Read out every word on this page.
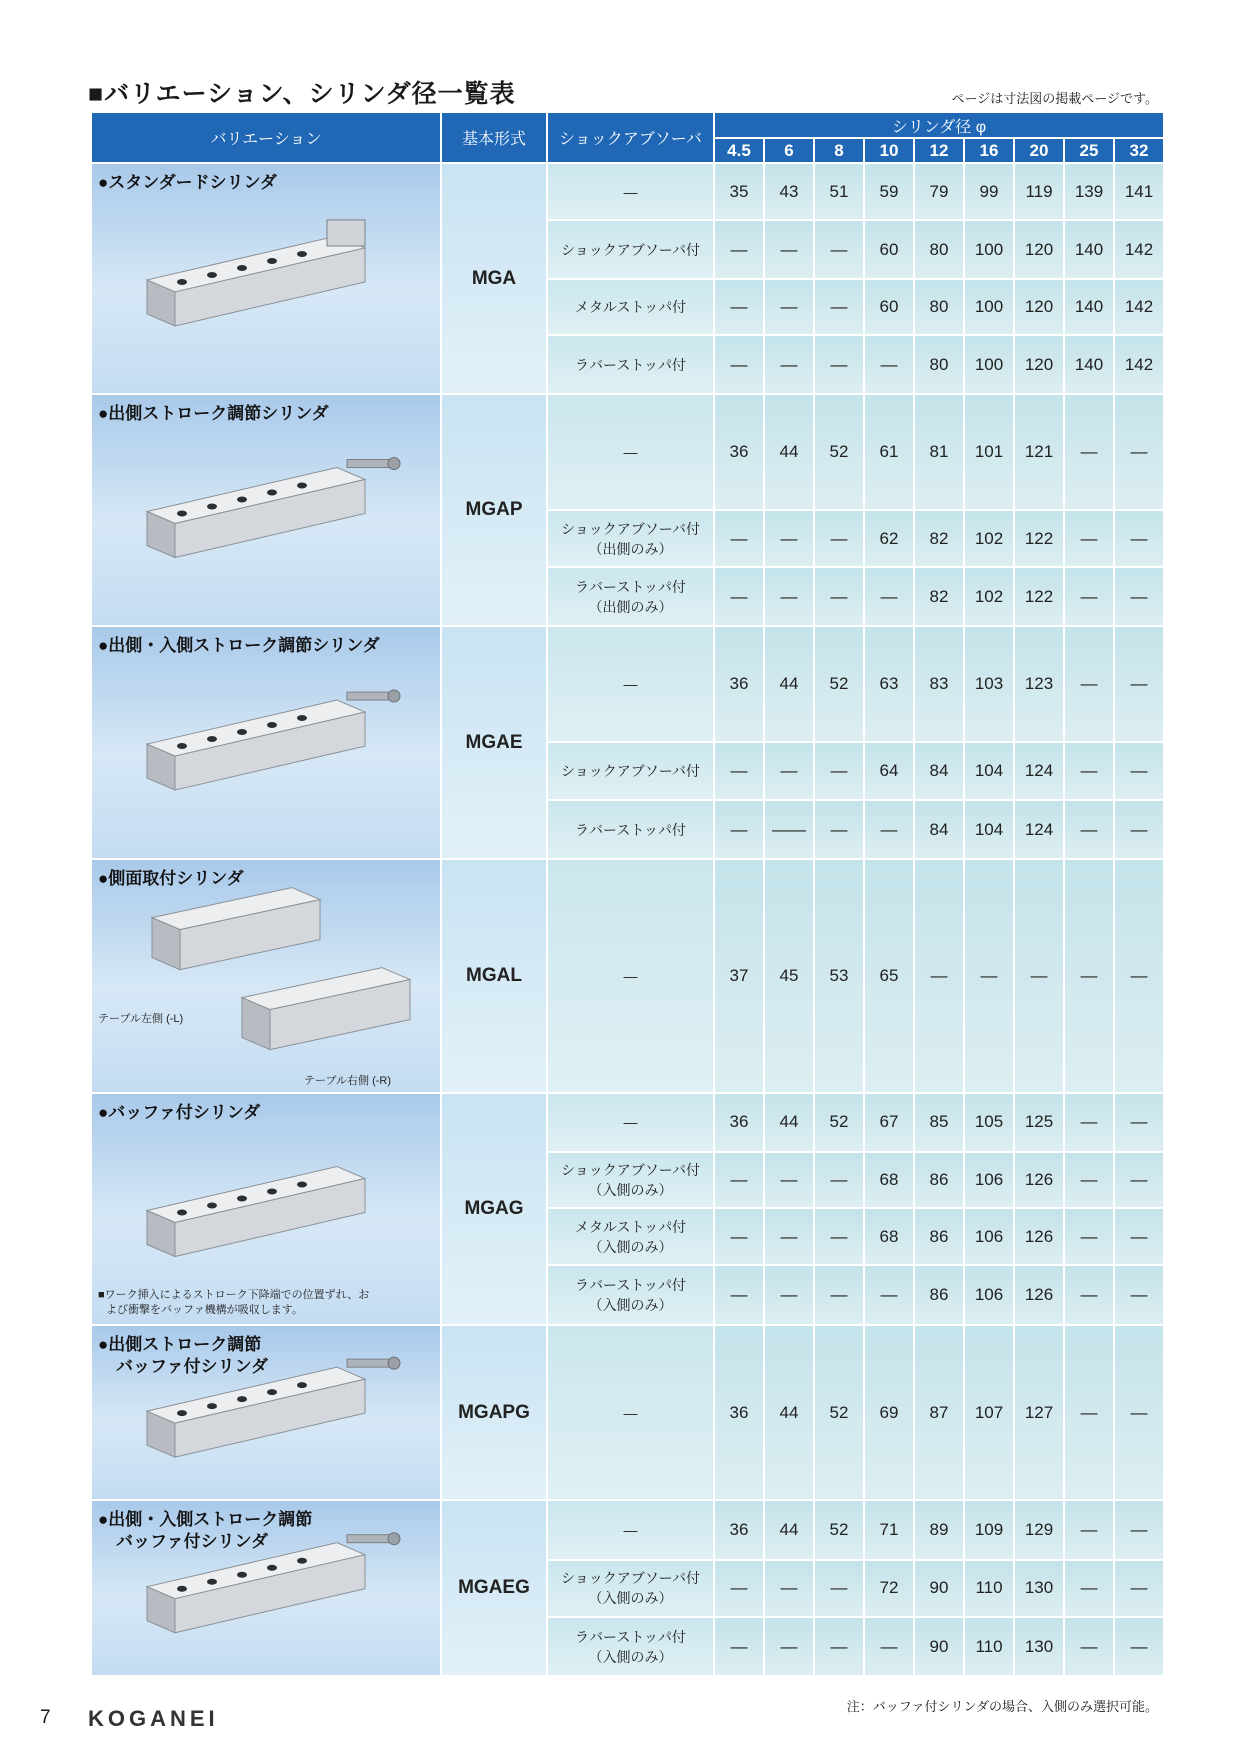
■バリエーション、シリンダ径一覧表	ページは寸法図の掲載ページです。
バリエーション	基本形式	ショックアブソーバ	シリンダ径 φ								
			4.5	6	8	10	12	16	20	25	32

●スタンダードシリンダ	MGA	—	35	43	51	59	79	99	119	139	141

		ショックアブソーバ付	—	—	—	60	80	100	120	140	142

		メタルストッパ付	—	—	—	60	80	100	120	140	142

		ラバーストッパ付	—	—	—	—	80	100	120	140	142

●出側ストローク調節シリンダ	MGAP	—	36	44	52	61	81	101	121	—	—

		ショックアブソーバ付
（出側のみ）	—	—	—	62	82	102	122	—	—

		ラバーストッパ付
（出側のみ）	—	—	—	—	82	102	122	—	—

●出側・入側ストローク調節シリンダ	MGAE	—	36	44	52	63	83	103	123	—	—

		ショックアブソーバ付	—	—	—	64	84	104	124	—	—

		ラバーストッパ付	—	——	—	—	84	104	124	—	—

●側面取付シリンダ
テーブル左側 (-L)
テーブル右側 (-R)	MGAL	—	37	45	53	65	—	—	—	—	—

●バッファ付シリンダ
■ワーク挿入によるストローク下降端での位置ずれ、お
よび衝撃をバッファ機構が吸収します。	MGAG	—	36	44	52	67	85	105	125	—	—

		ショックアブソーバ付
（入側のみ）	—	—	—	68	86	106	126	—	—

		メタルストッパ付
（入側のみ）	—	—	—	68	86	106	126	—	—

		ラバーストッパ付
（入側のみ）	—	—	—	—	86	106	126	—	—

●出側ストローク調節
バッファ付シリンダ	MGAPG	—	36	44	52	69	87	107	127	—	—

●出側・入側ストローク調節
バッファ付シリンダ	MGAEG	—	36	44	52	71	89	109	129	—	—

		ショックアブソーバ付
（入側のみ）	—	—	—	72	90	110	130	—	—

		ラバーストッパ付
（入側のみ）	—	—	—	—	90	110	130	—	—
7 KOGANEI	注：バッファ付シリンダの場合、入側のみ選択可能。
